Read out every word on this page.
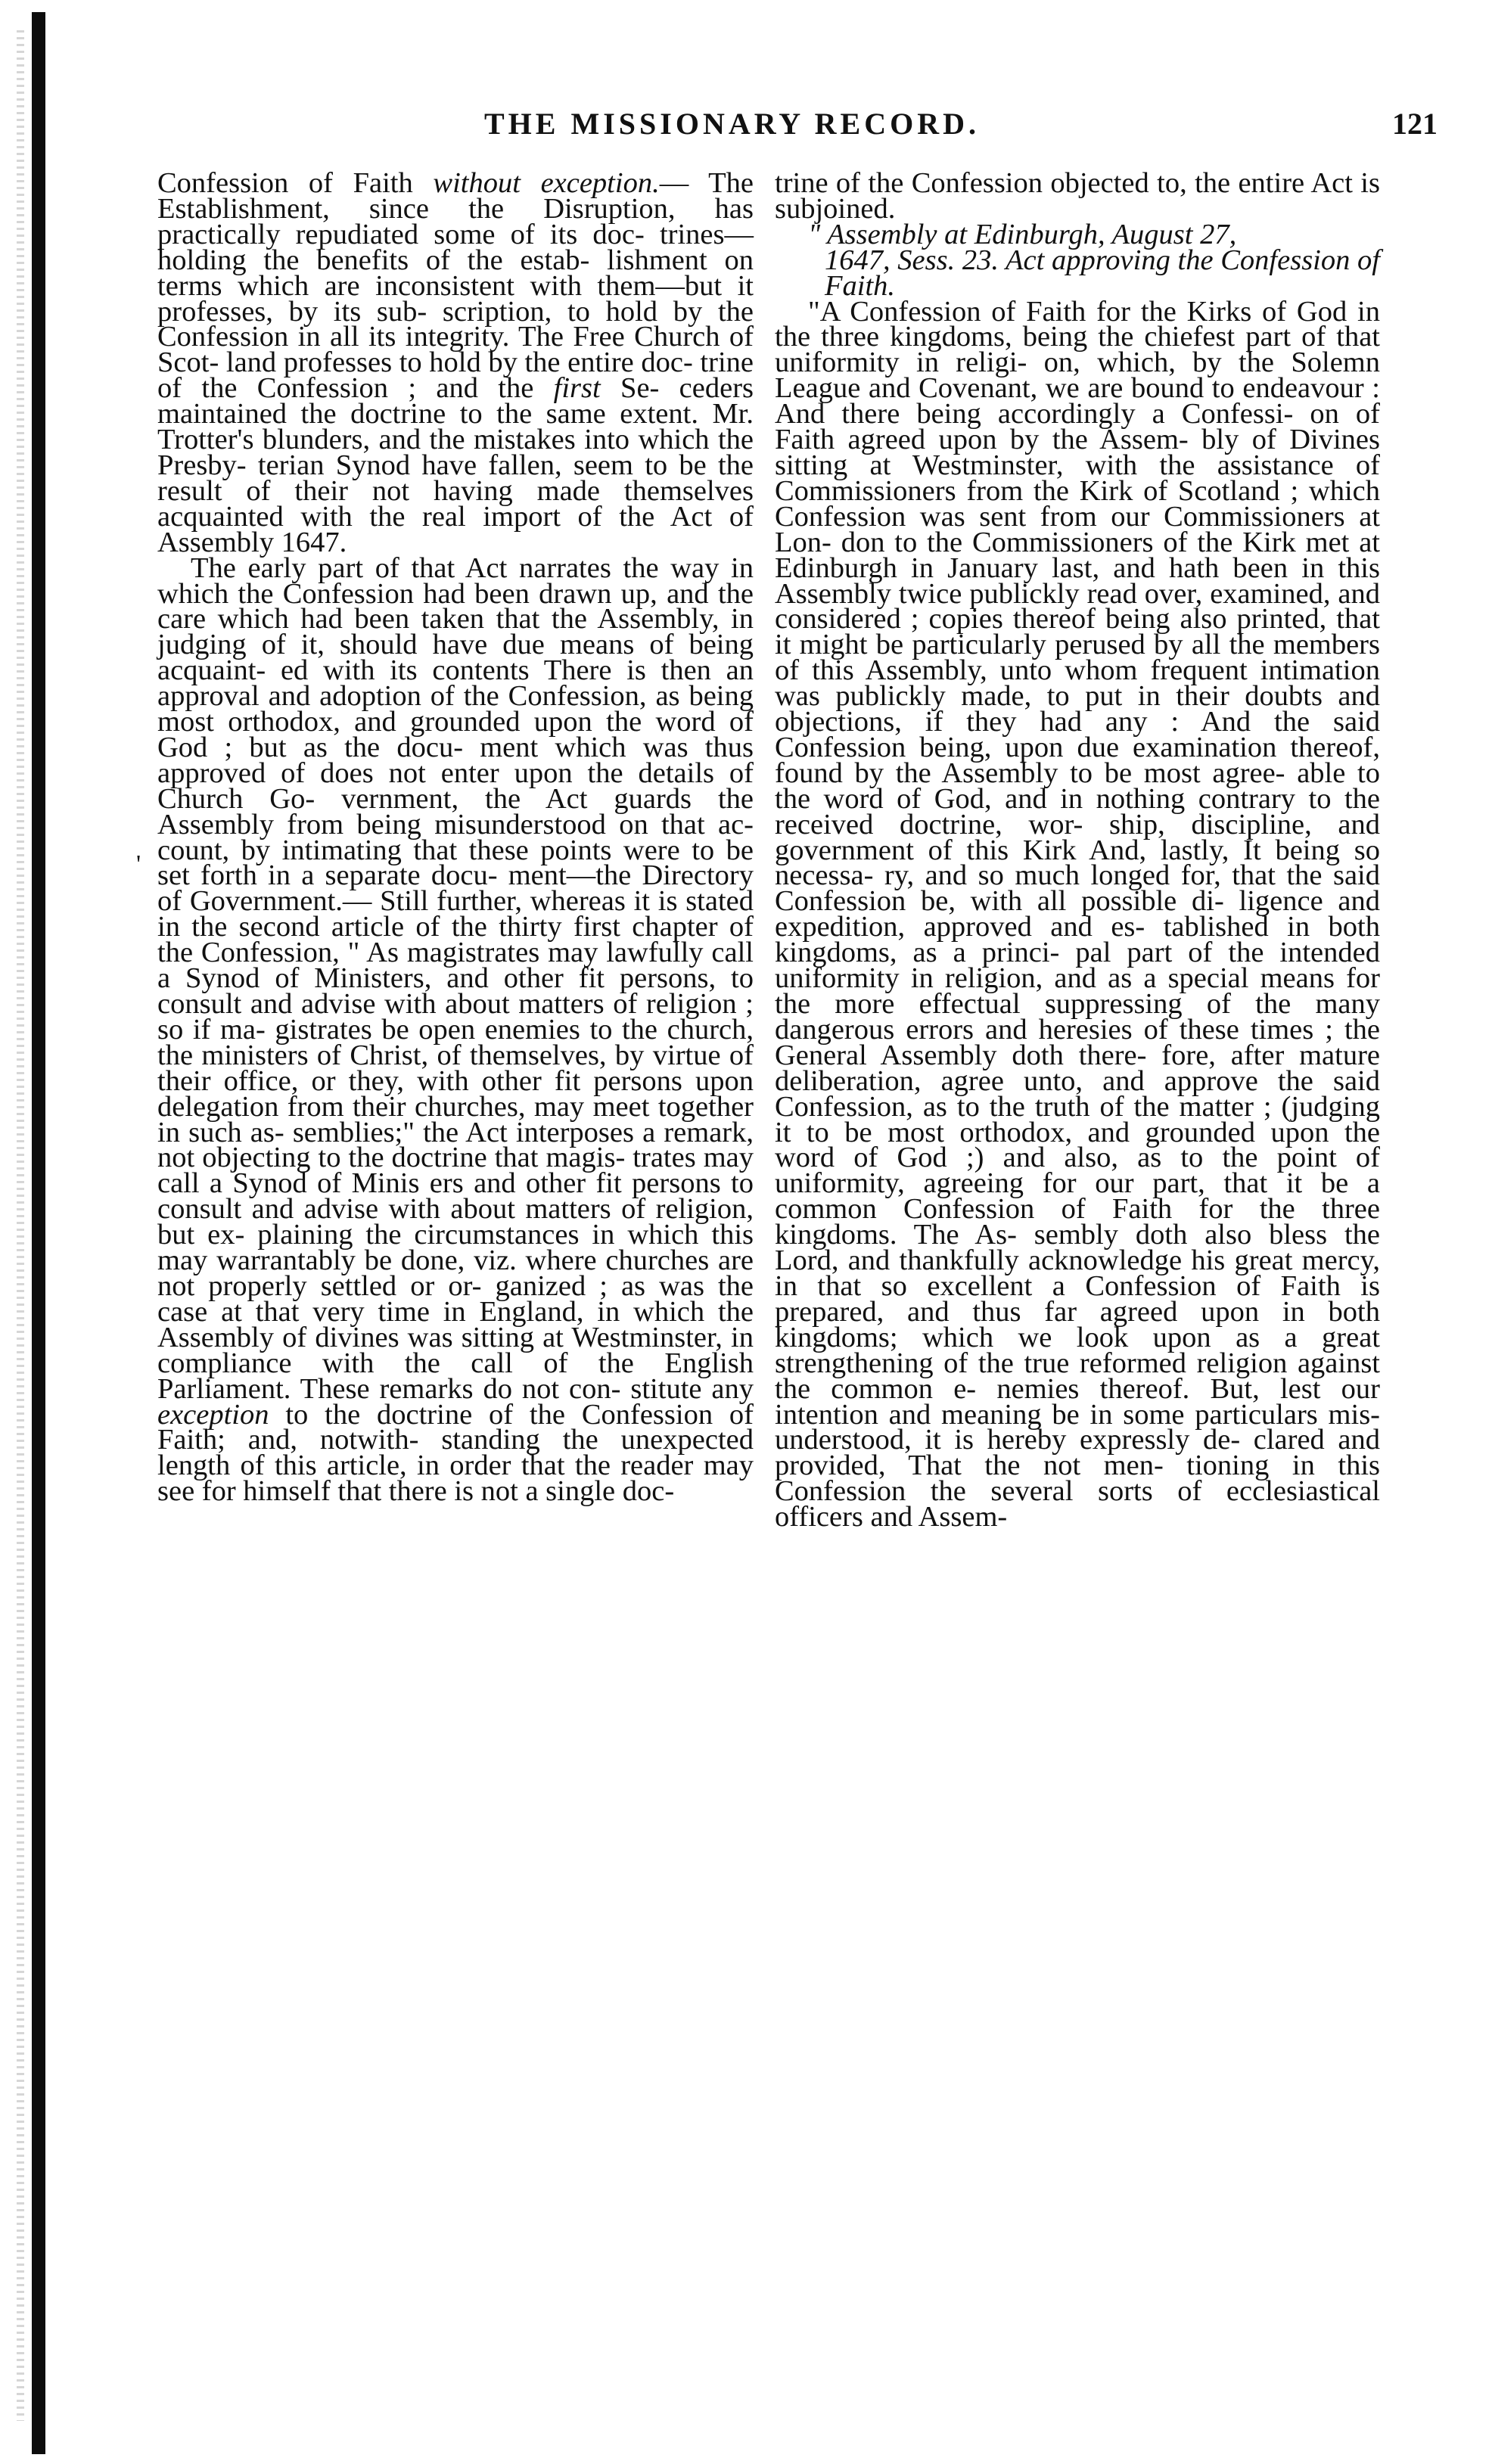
THE MISSIONARY RECORD.	121
'

Confession of Faith without exception.— The Establishment, since the Disruption, has practically repudiated some of its doc- trines—holding the benefits of the estab- lishment on terms which are inconsistent with them—but it professes, by its sub- scription, to hold by the Confession in all its integrity. The Free Church of Scot- land professes to hold by the entire doc- trine of the Confession ; and the first Se- ceders maintained the doctrine to the same extent. Mr. Trotter's blunders, and the mistakes into which the Presby- terian Synod have fallen, seem to be the result of their not having made themselves acquainted with the real import of the Act of Assembly 1647.

The early part of that Act narrates the way in which the Confession had been drawn up, and the care which had been taken that the Assembly, in judging of it, should have due means of being acquaint- ed with its contents There is then an approval and adoption of the Confession, as being most orthodox, and grounded upon the word of God ; but as the docu- ment which was thus approved of does not enter upon the details of Church Go- vernment, the Act guards the Assembly from being misunderstood on that ac- count, by intimating that these points were to be set forth in a separate docu- ment—the Directory of Government.— Still further, whereas it is stated in the second article of the thirty first chapter of the Confession, " As magistrates may lawfully call a Synod of Ministers, and other fit persons, to consult and advise with about matters of religion ; so if ma- gistrates be open enemies to the church, the ministers of Christ, of themselves, by virtue of their office, or they, with other fit persons upon delegation from their churches, may meet together in such as- semblies;" the Act interposes a remark, not objecting to the doctrine that magis- trates may call a Synod of Minis ers and other fit persons to consult and advise with about matters of religion, but ex- plaining the circumstances in which this may warrantably be done, viz. where churches are not properly settled or or- ganized ; as was the case at that very time in England, in which the Assembly of divines was sitting at Westminster, in compliance with the call of the English Parliament. These remarks do not con- stitute any exception to the doctrine of the Confession of Faith; and, notwith- standing the unexpected length of this article, in order that the reader may see for himself that there is not a single doc-

trine of the Confession objected to, the entire Act is subjoined.

" Assembly at Edinburgh, August 27,
1647, Sess. 23. Act approving the Confession of Faith.

"A Confession of Faith for the Kirks of God in the three kingdoms, being the chiefest part of that uniformity in religi- on, which, by the Solemn League and Covenant, we are bound to endeavour : And there being accordingly a Confessi- on of Faith agreed upon by the Assem- bly of Divines sitting at Westminster, with the assistance of Commissioners from the Kirk of Scotland ; which Confession was sent from our Commissioners at Lon- don to the Commissioners of the Kirk met at Edinburgh in January last, and hath been in this Assembly twice publickly read over, examined, and considered ; copies thereof being also printed, that it might be particularly perused by all the members of this Assembly, unto whom frequent intimation was publickly made, to put in their doubts and objections, if they had any : And the said Confession being, upon due examination thereof, found by the Assembly to be most agree- able to the word of God, and in nothing contrary to the received doctrine, wor- ship, discipline, and government of this Kirk And, lastly, It being so necessa- ry, and so much longed for, that the said Confession be, with all possible di- ligence and expedition, approved and es- tablished in both kingdoms, as a princi- pal part of the intended uniformity in religion, and as a special means for the more effectual suppressing of the many dangerous errors and heresies of these times ; the General Assembly doth there- fore, after mature deliberation, agree unto, and approve the said Confession, as to the truth of the matter ; (judging it to be most orthodox, and grounded upon the word of God ;) and also, as to the point of uniformity, agreeing for our part, that it be a common Confession of Faith for the three kingdoms. The As- sembly doth also bless the Lord, and thankfully acknowledge his great mercy, in that so excellent a Confession of Faith is prepared, and thus far agreed upon in both kingdoms; which we look upon as a great strengthening of the true reformed religion against the common e- nemies thereof. But, lest our intention and meaning be in some particulars mis- understood, it is hereby expressly de- clared and provided, That the not men- tioning in this Confession the several sorts of ecclesiastical officers and Assem-
